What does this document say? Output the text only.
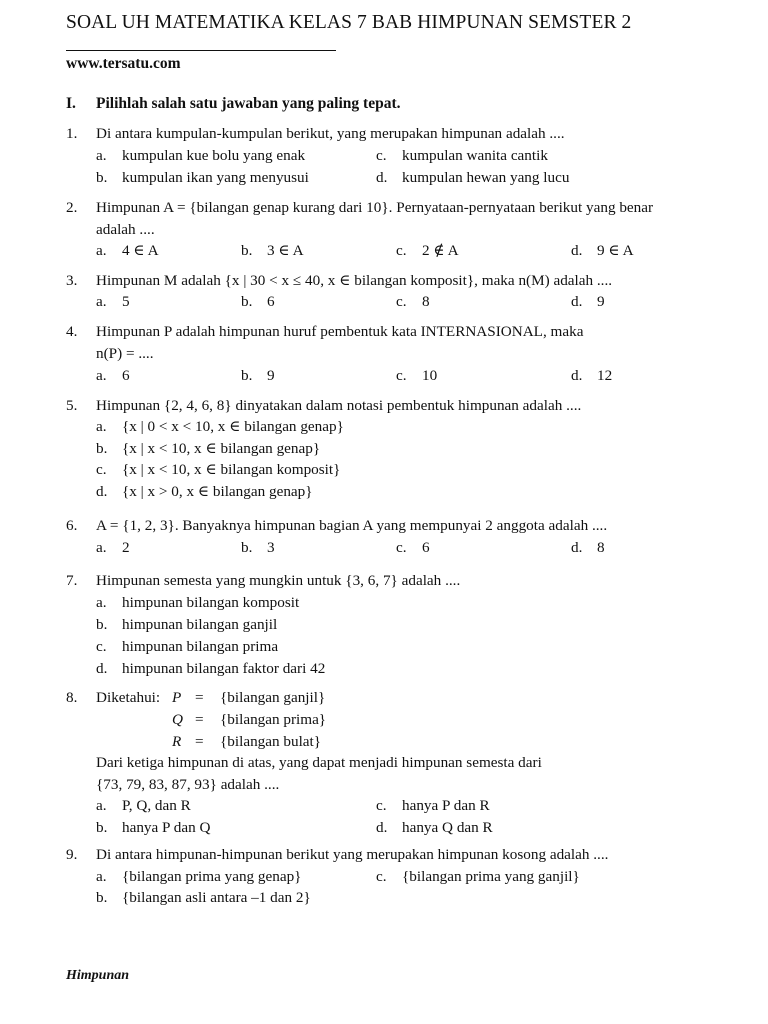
SOAL UH MATEMATIKA KELAS 7 BAB HIMPUNAN SEMSTER 2
www.tersatu.com
I. Pilihlah salah satu jawaban yang paling tepat.
1. Di antara kumpulan-kumpulan berikut, yang merupakan himpunan adalah ....
a. kumpulan kue bolu yang enak
b. kumpulan ikan yang menyusui
c. kumpulan wanita cantik
d. kumpulan hewan yang lucu
2. Himpunan A = {bilangan genap kurang dari 10}. Pernyataan-pernyataan berikut yang benar
adalah ....
a. 4 ∈ A	b. 3 ∈ A	c. 2 ∉ A	d. 9 ∈ A
3. Himpunan M adalah {x | 30 < x ≤ 40, x ∈ bilangan komposit}, maka n(M) adalah ....
a. 5	b. 6	c. 8	d. 9
4. Himpunan P adalah himpunan huruf pembentuk kata INTERNASIONAL, maka
n(P) = ....
a. 6	b. 9	c. 10	d. 12
5. Himpunan {2, 4, 6, 8} dinyatakan dalam notasi pembentuk himpunan adalah ....
a. {x | 0 < x < 10, x ∈ bilangan genap}
b. {x | x < 10, x ∈ bilangan genap}
c. {x | x < 10, x ∈ bilangan komposit}
d. {x | x > 0, x ∈ bilangan genap}
6. A = {1, 2, 3}. Banyaknya himpunan bagian A yang mempunyai 2 anggota adalah ....
a. 2	b. 3	c. 6	d. 8
7. Himpunan semesta yang mungkin untuk {3, 6, 7} adalah ....
a. himpunan bilangan komposit
b. himpunan bilangan ganjil
c. himpunan bilangan prima
d. himpunan bilangan faktor dari 42
8. Diketahui: P = {bilangan ganjil}
Q = {bilangan prima}
R = {bilangan bulat}
Dari ketiga himpunan di atas, yang dapat menjadi himpunan semesta dari
{73, 79, 83, 87, 93} adalah ....
a. P, Q, dan R
b. hanya P dan Q
c. hanya P dan R
d. hanya Q dan R
9. Di antara himpunan-himpunan berikut yang merupakan himpunan kosong adalah ....
a. {bilangan prima yang genap}
b. {bilangan asli antara –1 dan 2}
c. {bilangan prima yang ganjil}
Himpunan
